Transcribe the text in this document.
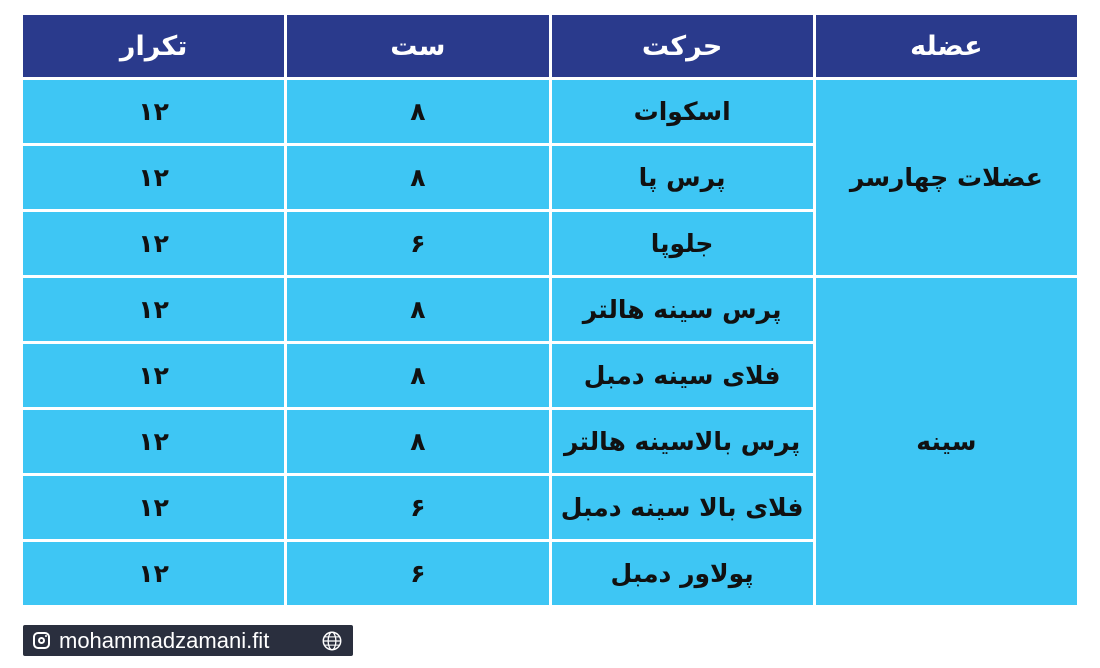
عضله	حرکت	ست	تکرار
عضلات چهارسر	اسکوات	۸	۱۲
	پرس پا	۸	۱۲
	جلوپا	۶	۱۲
سینه	پرس سینه هالتر	۸	۱۲
	فلای سینه دمبل	۸	۱۲
	پرس بالاسینه هالتر	۸	۱۲
	فلای بالا سینه دمبل	۶	۱۲
	پولاور دمبل	۶	۱۲
mohammadzamani.fit
